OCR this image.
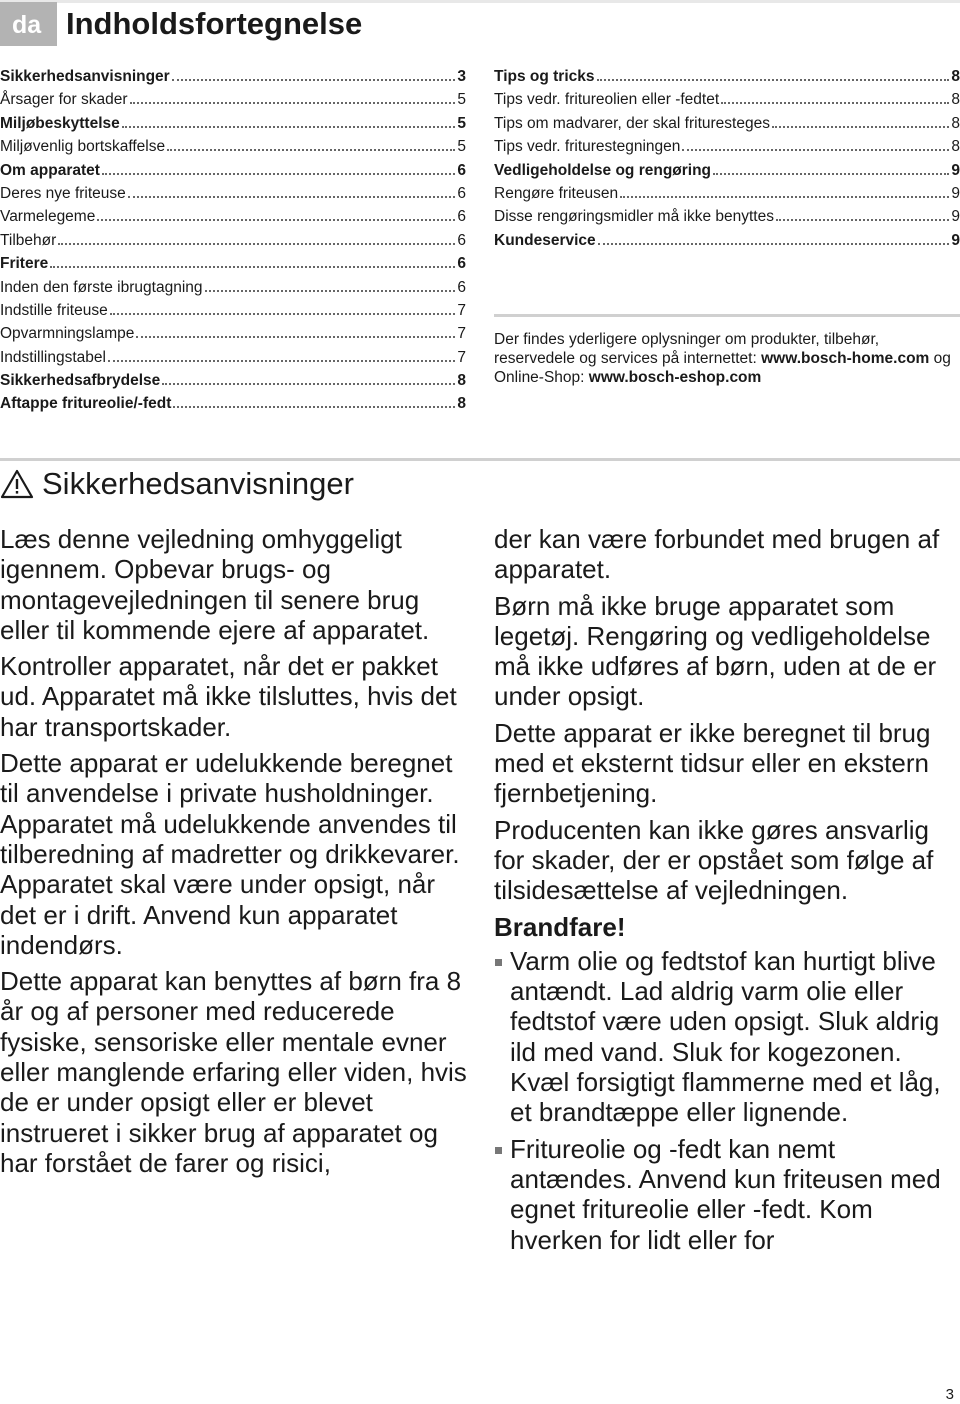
da Indholdsfortegnelse
Sikkerhedsanvisninger	3
Årsager for skader	5
Miljøbeskyttelse	5
Miljøvenlig bortskaffelse	5
Om apparatet	6
Deres nye friteuse	6
Varmelegeme	6
Tilbehør	6
Fritere	6
Inden den første ibrugtagning	6
Indstille friteuse	7
Opvarmningslampe	7
Indstillingstabel	7
Sikkerhedsafbrydelse	8
Aftappe fritureolie/-fedt	8
Tips og tricks	8
Tips vedr. fritureolien eller -fedtet	8
Tips om madvarer, der skal frituresteges	8
Tips vedr. friturestegningen	8
Vedligeholdelse og rengøring	9
Rengøre friteusen	9
Disse rengøringsmidler må ikke benyttes	9
Kundeservice	9
Der findes yderligere oplysninger om produkter, tilbehør, reservedele og services på internettet: www.bosch-home.com og Online-Shop: www.bosch-eshop.com
Sikkerhedsanvisninger

Læs denne vejledning omhyggeligt igennem. Opbevar brugs- og montagevejledningen til senere brug eller til kommende ejere af apparatet.

Kontroller apparatet, når det er pakket ud. Apparatet må ikke tilsluttes, hvis det har transportskader.

Dette apparat er udelukkende beregnet til anvendelse i private husholdninger. Apparatet må udelukkende anvendes til tilberedning af madretter og drikkevarer. Apparatet skal være under opsigt, når det er i drift. Anvend kun apparatet indendørs.

Dette apparat kan benyttes af børn fra 8 år og af personer med reducerede fysiske, sensoriske eller mentale evner eller manglende erfaring eller viden, hvis de er under opsigt eller er blevet instrueret i sikker brug af apparatet og har forstået de farer og risici,

der kan være forbundet med brugen af apparatet.

Børn må ikke bruge apparatet som legetøj. Rengøring og vedligeholdelse må ikke udføres af børn, uden at de er under opsigt.

Dette apparat er ikke beregnet til brug med et eksternt tidsur eller en ekstern fjernbetjening.

Producenten kan ikke gøres ansvarlig for skader, der er opstået som følge af tilsidesættelse af vejledningen.

Brandfare!
Varm olie og fedtstof kan hurtigt blive antændt. Lad aldrig varm olie eller fedtstof være uden opsigt. Sluk aldrig ild med vand. Sluk for kogezonen. Kvæl forsigtigt flammerne med et låg, et brandtæppe eller lignende.
Fritureolie og -fedt kan nemt antændes. Anvend kun friteusen med egnet fritureolie eller -fedt. Kom hverken for lidt eller for
3
